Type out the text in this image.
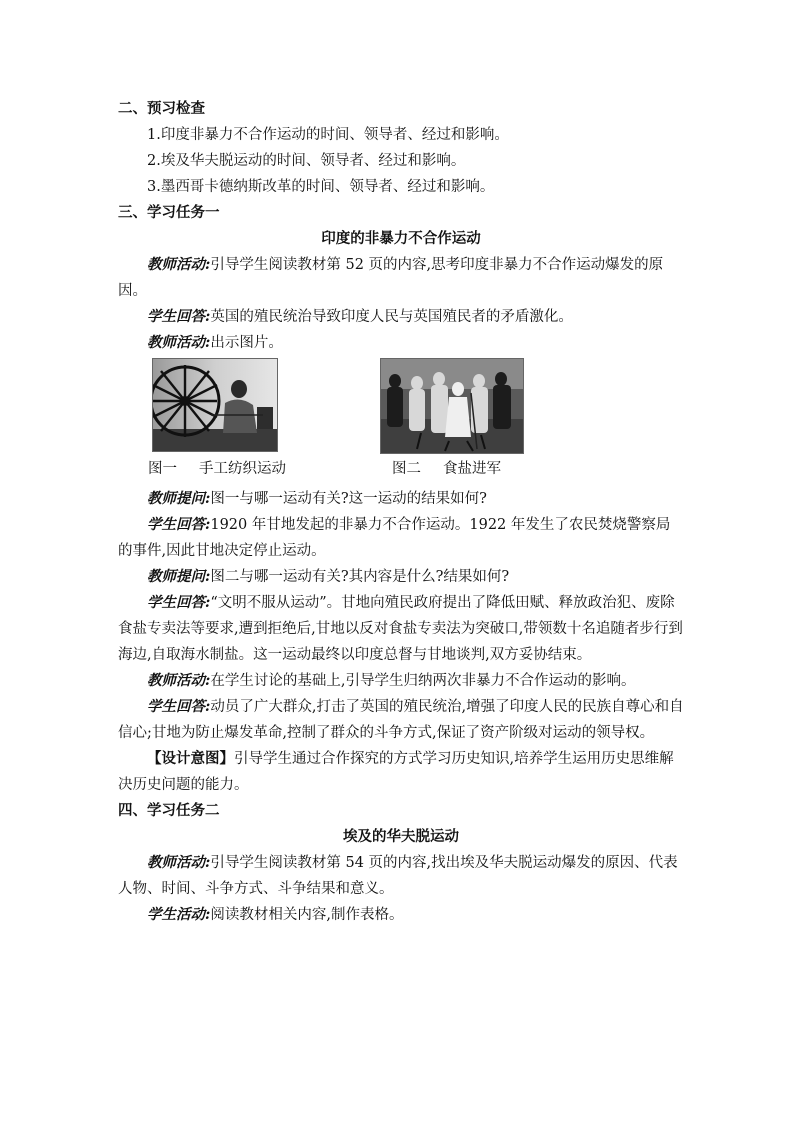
二、预习检查

1.印度非暴力不合作运动的时间、领导者、经过和影响。

2.埃及华夫脱运动的时间、领导者、经过和影响。

3.墨西哥卡德纳斯改革的时间、领导者、经过和影响。

三、学习任务一

印度的非暴力不合作运动

教师活动:引导学生阅读教材第 52 页的内容,思考印度非暴力不合作运动爆发的原因。

学生回答:英国的殖民统治导致印度人民与英国殖民者的矛盾激化。

教师活动:出示图片。

图一 手工纺织运动	图二 食盐进军

教师提问:图一与哪一运动有关?这一运动的结果如何?

学生回答:1920 年甘地发起的非暴力不合作运动。1922 年发生了农民焚烧警察局的事件,因此甘地决定停止运动。

教师提问:图二与哪一运动有关?其内容是什么?结果如何?

学生回答:“文明不服从运动”。甘地向殖民政府提出了降低田赋、释放政治犯、废除食盐专卖法等要求,遭到拒绝后,甘地以反对食盐专卖法为突破口,带领数十名追随者步行到海边,自取海水制盐。这一运动最终以印度总督与甘地谈判,双方妥协结束。

教师活动:在学生讨论的基础上,引导学生归纳两次非暴力不合作运动的影响。

学生回答:动员了广大群众,打击了英国的殖民统治,增强了印度人民的民族自尊心和自信心;甘地为防止爆发革命,控制了群众的斗争方式,保证了资产阶级对运动的领导权。

【设计意图】引导学生通过合作探究的方式学习历史知识,培养学生运用历史思维解决历史问题的能力。

四、学习任务二

埃及的华夫脱运动

教师活动:引导学生阅读教材第 54 页的内容,找出埃及华夫脱运动爆发的原因、代表人物、时间、斗争方式、斗争结果和意义。

学生活动:阅读教材相关内容,制作表格。
